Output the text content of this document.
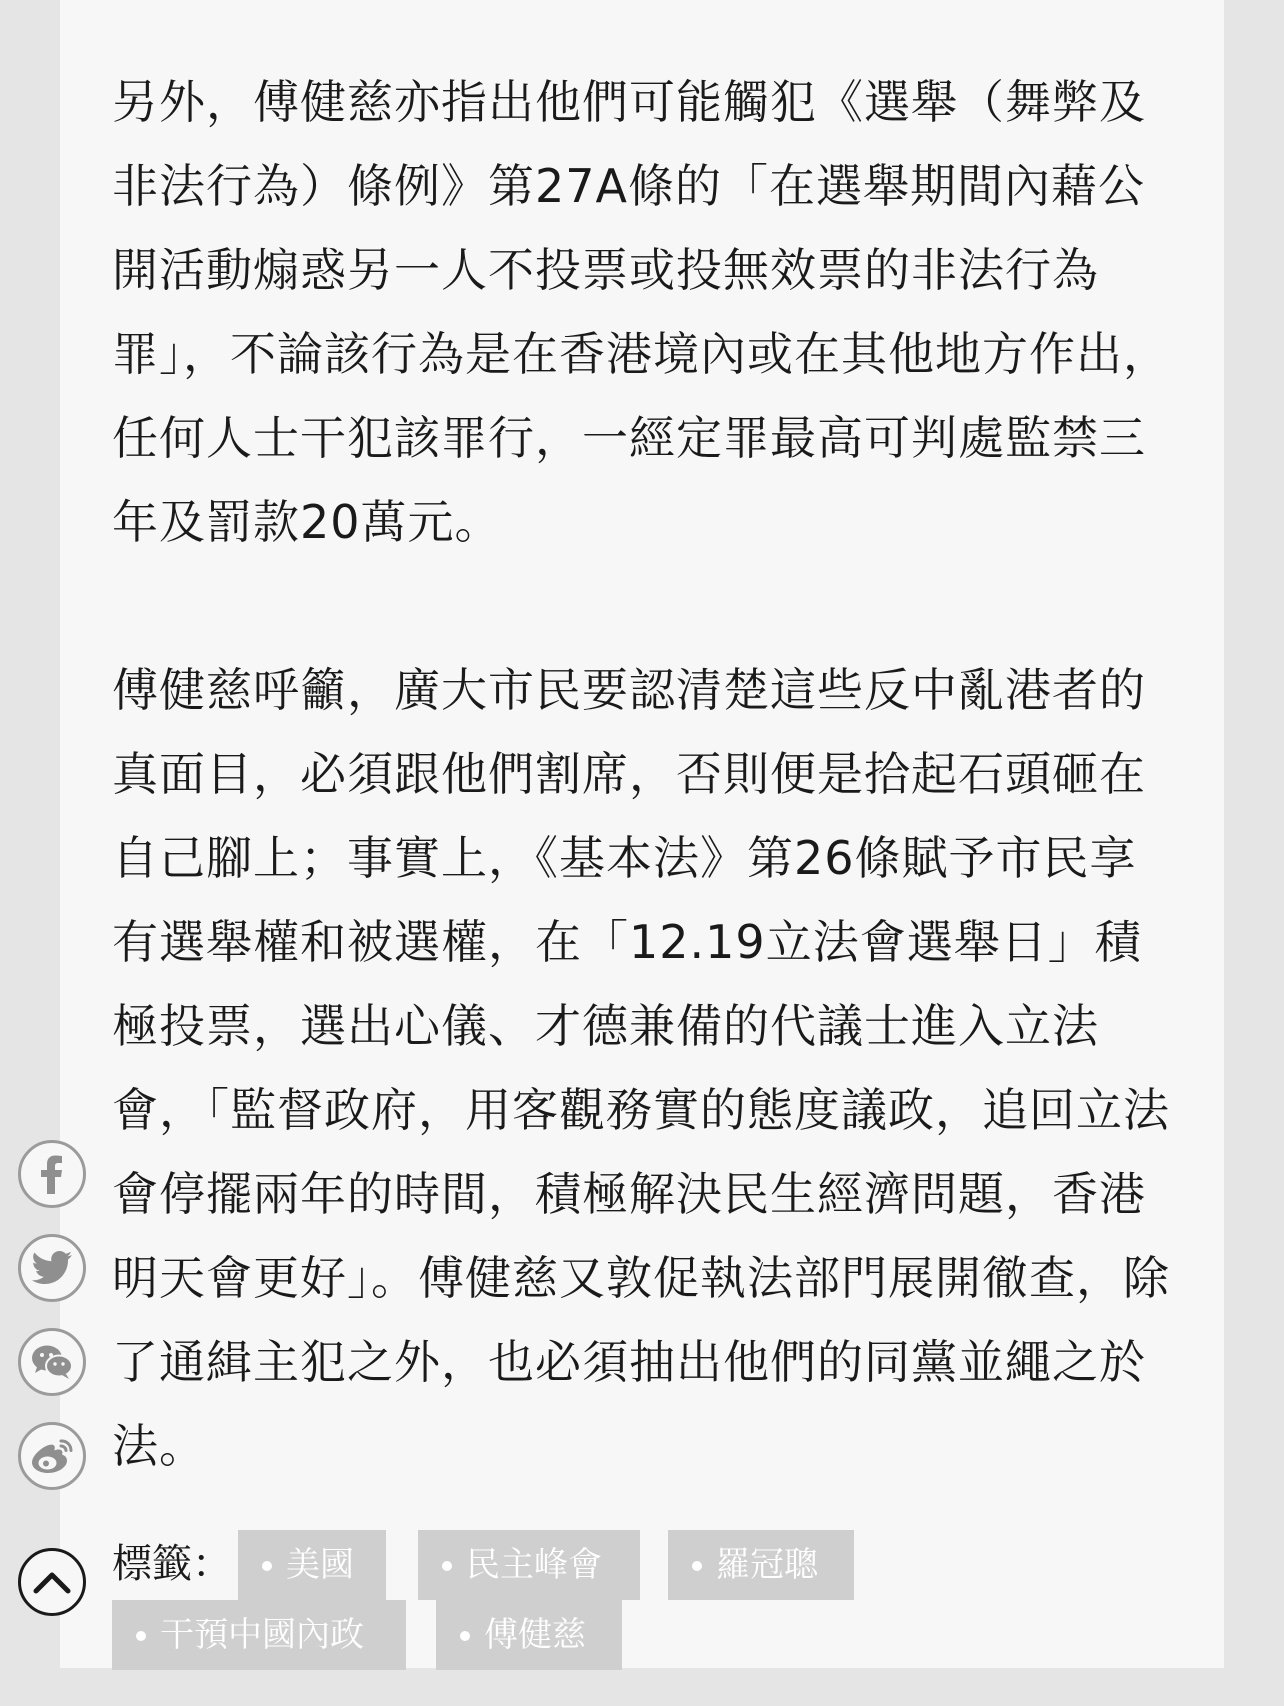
另外，傅健慈亦指出他們可能觸犯《選舉（舞弊及非法行為）條例》第27A條的「在選舉期間內藉公開活動煽惑另一人不投票或投無效票的非法行為罪」，不論該行為是在香港境內或在其他地方作出，任何人士干犯該罪行，一經定罪最高可判處監禁三年及罰款20萬元。

傅健慈呼籲，廣大市民要認清楚這些反中亂港者的真面目，必須跟他們割席，否則便是拾起石頭砸在自己腳上；事實上，《基本法》第26條賦予市民享有選舉權和被選權，在「12.19立法會選舉日」積極投票，選出心儀、才德兼備的代議士進入立法會，「監督政府，用客觀務實的態度議政，追回立法會停擺兩年的時間，積極解決民生經濟問題，香港明天會更好」。傅健慈又敦促執法部門展開徹查，除了通緝主犯之外，也必須抽出他們的同黨並繩之於法。

標籤：	美國	民主峰會	羅冠聰
干預中國內政	傅健慈
